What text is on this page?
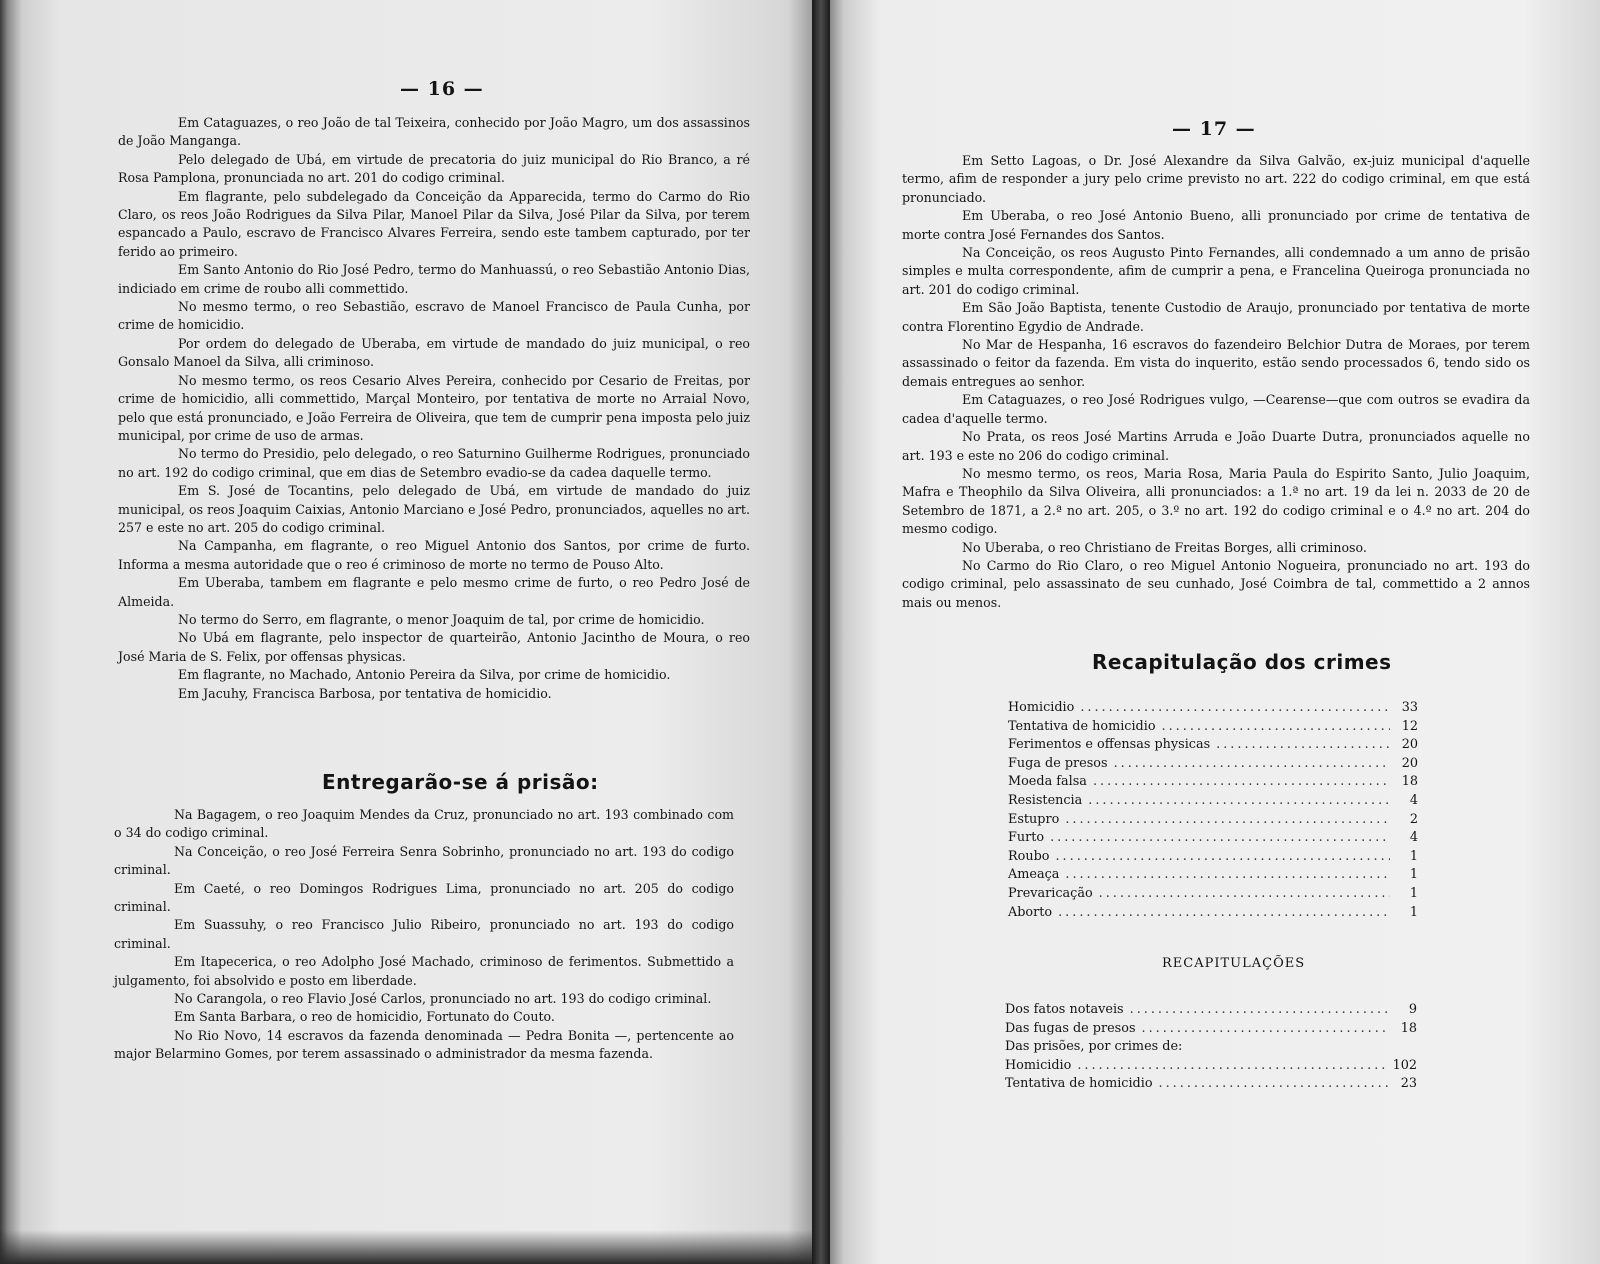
— 16 —

Em Cataguazes, o reo João de tal Teixeira, conhecido por João Magro, um dos assassinos de João Manganga.

Pelo delegado de Ubá, em virtude de precatoria do juiz municipal do Rio Branco, a ré Rosa Pamplona, pronunciada no art. 201 do codigo criminal.

Em flagrante, pelo subdelegado da Conceição da Apparecida, termo do Carmo do Rio Claro, os reos João Rodrigues da Silva Pilar, Manoel Pilar da Silva, José Pilar da Silva, por terem espancado a Paulo, escravo de Francisco Alvares Ferreira, sendo este tambem capturado, por ter ferido ao primeiro.

Em Santo Antonio do Rio José Pedro, termo do Manhuassú, o reo Sebastião Antonio Dias, indiciado em crime de roubo alli commettido.

No mesmo termo, o reo Sebastião, escravo de Manoel Francisco de Paula Cunha, por crime de homicidio.

Por ordem do delegado de Uberaba, em virtude de mandado do juiz municipal, o reo Gonsalo Manoel da Silva, alli criminoso.

No mesmo termo, os reos Cesario Alves Pereira, conhecido por Cesario de Freitas, por crime de homicidio, alli commettido, Marçal Monteiro, por tentativa de morte no Arraial Novo, pelo que está pronunciado, e João Ferreira de Oliveira, que tem de cumprir pena imposta pelo juiz municipal, por crime de uso de armas.

No termo do Presidio, pelo delegado, o reo Saturnino Guilherme Rodrigues, pronunciado no art. 192 do codigo criminal, que em dias de Setembro evadio-se da cadea daquelle termo.

Em S. José de Tocantins, pelo delegado de Ubá, em virtude de mandado do juiz municipal, os reos Joaquim Caixias, Antonio Marciano e José Pedro, pronunciados, aquelles no art. 257 e este no art. 205 do codigo criminal.

Na Campanha, em flagrante, o reo Miguel Antonio dos Santos, por crime de furto. Informa a mesma autoridade que o reo é criminoso de morte no termo de Pouso Alto.

Em Uberaba, tambem em flagrante e pelo mesmo crime de furto, o reo Pedro José de Almeida.

No termo do Serro, em flagrante, o menor Joaquim de tal, por crime de homicidio.

No Ubá em flagrante, pelo inspector de quarteirão, Antonio Jacintho de Moura, o reo José Maria de S. Felix, por offensas physicas.

Em flagrante, no Machado, Antonio Pereira da Silva, por crime de homicidio.

Em Jacuhy, Francisca Barbosa, por tentativa de homicidio.

Entregarão-se á prisão:

Na Bagagem, o reo Joaquim Mendes da Cruz, pronunciado no art. 193 combinado com o 34 do codigo criminal.

Na Conceição, o reo José Ferreira Senra Sobrinho, pronunciado no art. 193 do codigo criminal.

Em Caeté, o reo Domingos Rodrigues Lima, pronunciado no art. 205 do codigo criminal.

Em Suassuhy, o reo Francisco Julio Ribeiro, pronunciado no art. 193 do codigo criminal.

Em Itapecerica, o reo Adolpho José Machado, criminoso de ferimentos. Submettido a julgamento, foi absolvido e posto em liberdade.

No Carangola, o reo Flavio José Carlos, pronunciado no art. 193 do codigo criminal.

Em Santa Barbara, o reo de homicidio, Fortunato do Couto.

No Rio Novo, 14 escravos da fazenda denominada — Pedra Bonita —, pertencente ao major Belarmino Gomes, por terem assassinado o administrador da mesma fazenda.

— 17 —

Em Setto Lagoas, o Dr. José Alexandre da Silva Galvão, ex-juiz municipal d'aquelle termo, afim de responder a jury pelo crime previsto no art. 222 do codigo criminal, em que está pronunciado.

Em Uberaba, o reo José Antonio Bueno, alli pronunciado por crime de tentativa de morte contra José Fernandes dos Santos.

Na Conceição, os reos Augusto Pinto Fernandes, alli condemnado a um anno de prisão simples e multa correspondente, afim de cumprir a pena, e Francelina Queiroga pronunciada no art. 201 do codigo criminal.

Em São João Baptista, tenente Custodio de Araujo, pronunciado por tentativa de morte contra Florentino Egydio de Andrade.

No Mar de Hespanha, 16 escravos do fazendeiro Belchior Dutra de Moraes, por terem assassinado o feitor da fazenda. Em vista do inquerito, estão sendo processados 6, tendo sido os demais entregues ao senhor.

Em Cataguazes, o reo José Rodrigues vulgo, —Cearense—que com outros se evadira da cadea d'aquelle termo.

No Prata, os reos José Martins Arruda e João Duarte Dutra, pronunciados aquelle no art. 193 e este no 206 do codigo criminal.

No mesmo termo, os reos, Maria Rosa, Maria Paula do Espirito Santo, Julio Joaquim, Mafra e Theophilo da Silva Oliveira, alli pronunciados: a 1.ª no art. 19 da lei n. 2033 de 20 de Setembro de 1871, a 2.ª no art. 205, o 3.º no art. 192 do codigo criminal e o 4.º no art. 204 do mesmo codigo.

No Uberaba, o reo Christiano de Freitas Borges, alli criminoso.

No Carmo do Rio Claro, o reo Miguel Antonio Nogueira, pronunciado no art. 193 do codigo criminal, pelo assassinato de seu cunhado, José Coimbra de tal, commettido a 2 annos mais ou menos.

Recapitulação dos crimes
Homicidio .....	33
Tentativa de homicidio .....	12
Ferimentos e offensas physicas .....	20
Fuga de presos .....	20
Moeda falsa .....	18
Resistencia .....	4
Estupro .....	2
Furto .....	4
Roubo .....	1
Ameaça .....	1
Prevaricação .....	1
Aborto .....	1
RECAPITULAÇÕES
Dos fatos notaveis .....	9
Das fugas de presos .....	18
Das prisões, por crimes de:
Homicidio .....	102
Tentativa de homicidio .....	23
